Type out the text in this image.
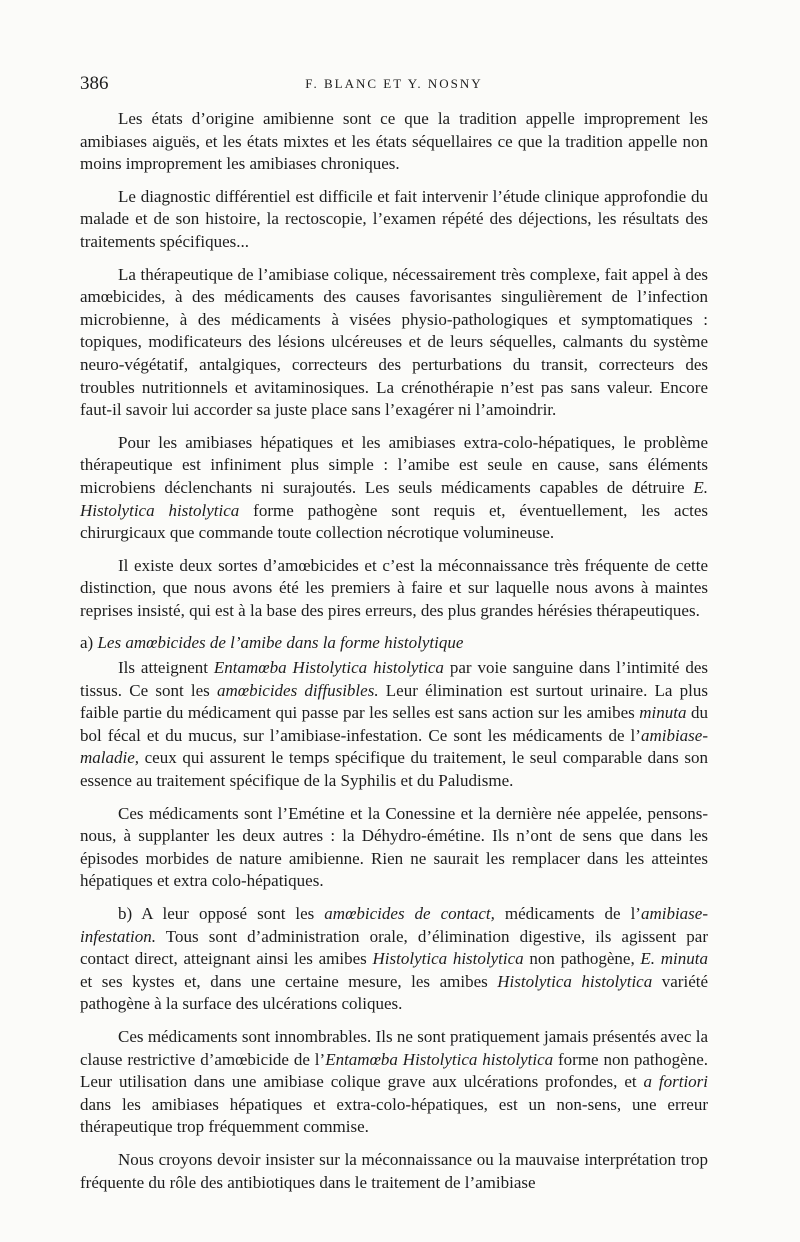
386	F. BLANC ET Y. NOSNY

Les états d’origine amibienne sont ce que la tradition appelle improprement les amibiases aiguës, et les états mixtes et les états séquellaires ce que la tradition appelle non moins improprement les amibiases chroniques.

Le diagnostic différentiel est difficile et fait intervenir l’étude clinique approfondie du malade et de son histoire, la rectoscopie, l’examen répété des déjections, les résultats des traitements spécifiques...

La thérapeutique de l’amibiase colique, nécessairement très complexe, fait appel à des amœbicides, à des médicaments des causes favorisantes singulièrement de l’infection microbienne, à des médicaments à visées physio-pathologiques et symptomatiques : topiques, modificateurs des lésions ulcéreuses et de leurs séquelles, calmants du système neuro-végétatif, antalgiques, correcteurs des perturbations du transit, correcteurs des troubles nutritionnels et avitaminosiques. La crénothérapie n’est pas sans valeur. Encore faut-il savoir lui accorder sa juste place sans l’exagérer ni l’amoindrir.

Pour les amibiases hépatiques et les amibiases extra-colo-hépatiques, le problème thérapeutique est infiniment plus simple : l’amibe est seule en cause, sans éléments microbiens déclenchants ni surajoutés. Les seuls médicaments capables de détruire E. Histolytica histolytica forme pathogène sont requis et, éventuellement, les actes chirurgicaux que commande toute collection nécrotique volumineuse.

Il existe deux sortes d’amœbicides et c’est la méconnaissance très fréquente de cette distinction, que nous avons été les premiers à faire et sur laquelle nous avons à maintes reprises insisté, qui est à la base des pires erreurs, des plus grandes hérésies thérapeutiques.

a) Les amœbicides de l’amibe dans la forme histolytique

Ils atteignent Entamœba Histolytica histolytica par voie sanguine dans l’intimité des tissus. Ce sont les amœbicides diffusibles. Leur élimination est surtout urinaire. La plus faible partie du médicament qui passe par les selles est sans action sur les amibes minuta du bol fécal et du mucus, sur l’amibiase-infestation. Ce sont les médicaments de l’amibiase-maladie, ceux qui assurent le temps spécifique du traitement, le seul comparable dans son essence au traitement spécifique de la Syphilis et du Paludisme.

Ces médicaments sont l’Emétine et la Conessine et la dernière née appelée, pensons-nous, à supplanter les deux autres : la Déhydro-émétine. Ils n’ont de sens que dans les épisodes morbides de nature amibienne. Rien ne saurait les remplacer dans les atteintes hépatiques et extra colo-hépatiques.

b) A leur opposé sont les amœbicides de contact, médicaments de l’amibiase-infestation. Tous sont d’administration orale, d’élimination digestive, ils agissent par contact direct, atteignant ainsi les amibes Histolytica histolytica non pathogène, E. minuta et ses kystes et, dans une certaine mesure, les amibes Histolytica histolytica variété pathogène à la surface des ulcérations coliques.

Ces médicaments sont innombrables. Ils ne sont pratiquement jamais présentés avec la clause restrictive d’amœbicide de l’Entamœba Histolytica histolytica forme non pathogène. Leur utilisation dans une amibiase colique grave aux ulcérations profondes, et a fortiori dans les amibiases hépatiques et extra-colo-hépatiques, est un non-sens, une erreur thérapeutique trop fréquemment commise.

Nous croyons devoir insister sur la méconnaissance ou la mauvaise interprétation trop fréquente du rôle des antibiotiques dans le traitement de l’amibiase
